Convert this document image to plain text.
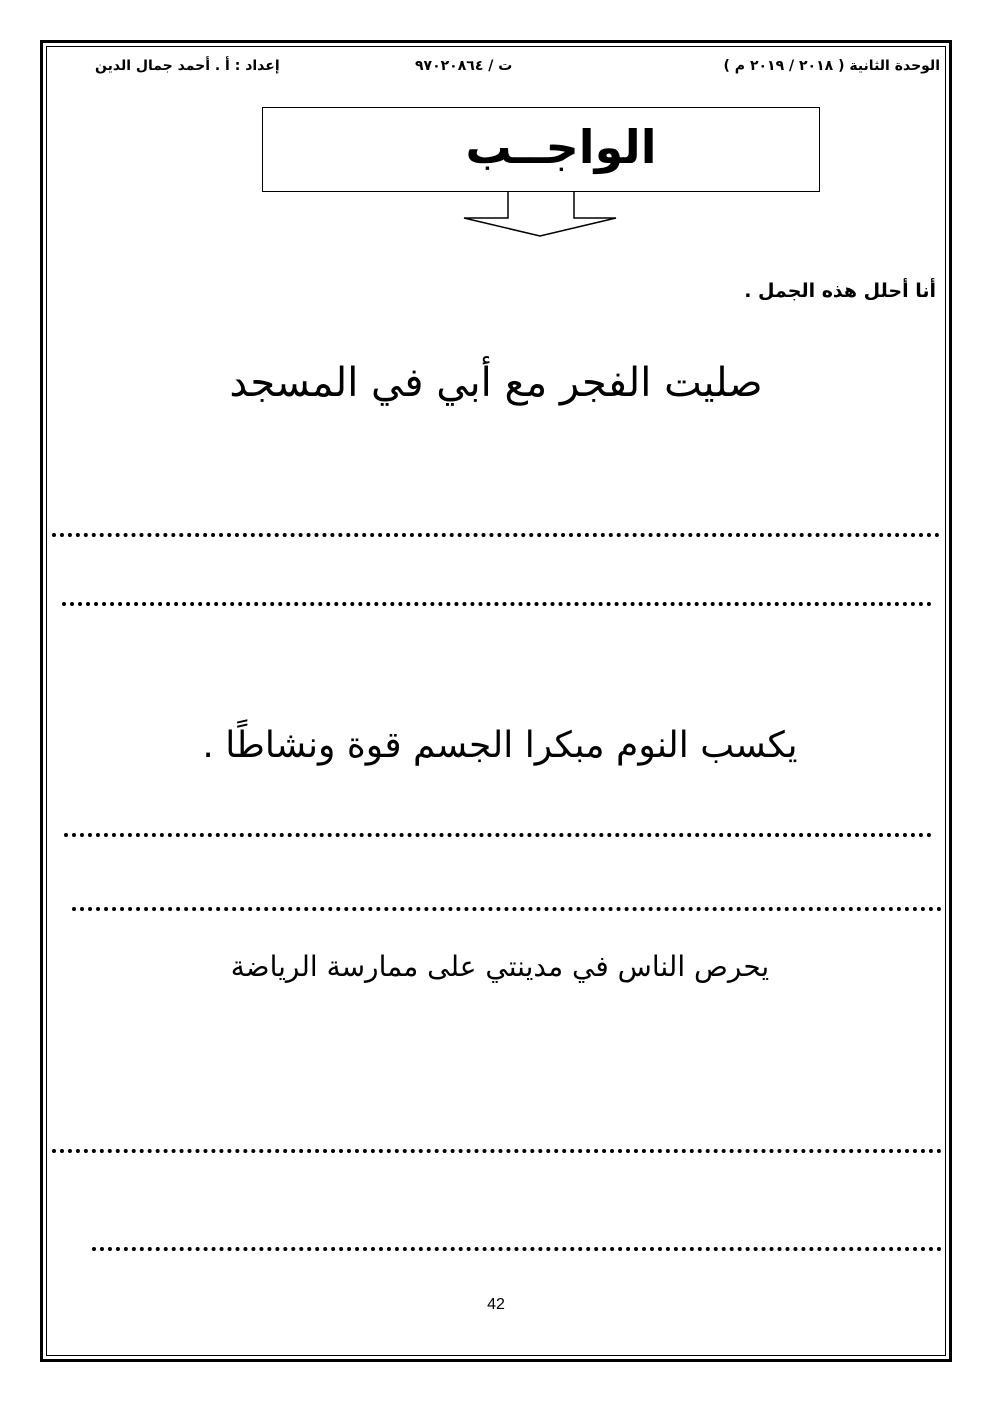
الوحدة الثانية ( ٢٠١٨ / ٢٠١٩ م )
ت / ٩٧٠٢٠٨٦٤
إعداد : أ . أحمد جمال الدين
الواجــب
أنا أحلل هذه الجمل .
صليت الفجر مع أبي في المسجد
يكسب النوم مبكرا الجسم قوة ونشاطًا .
يحرص الناس في مدينتي على ممارسة الرياضة
42
